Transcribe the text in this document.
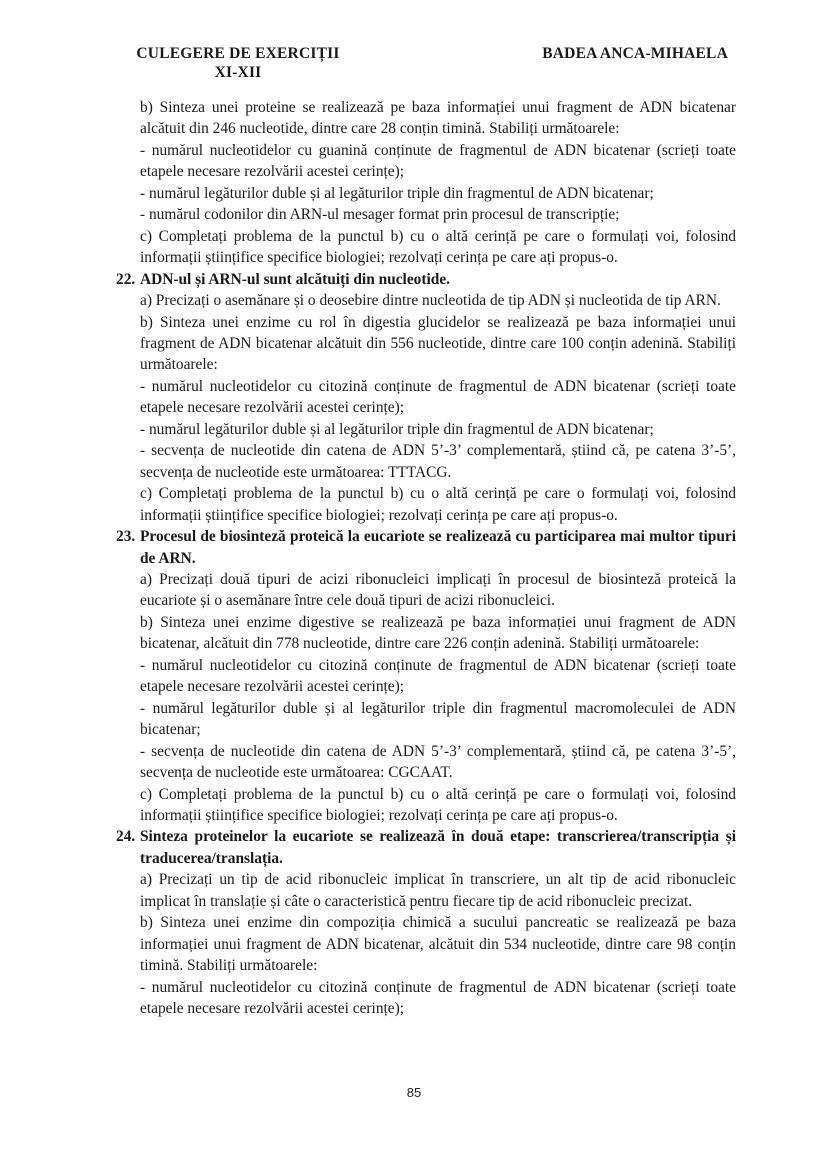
CULEGERE DE EXERCIȚII
XI-XII
BADEA ANCA-MIHAELA

b) Sinteza unei proteine se realizează pe baza informației unui fragment de ADN bicatenar alcătuit din 246 nucleotide, dintre care 28 conțin timină. Stabiliți următoarele:

- numărul nucleotidelor cu guanină conținute de fragmentul de ADN bicatenar (scrieți toate etapele necesare rezolvării acestei cerințe);

- numărul legăturilor duble și al legăturilor triple din fragmentul de ADN bicatenar;

- numărul codonilor din ARN-ul mesager format prin procesul de transcripție;

c) Completați problema de la punctul b) cu o altă cerință pe care o formulați voi, folosind informații științifice specifice biologiei; rezolvați cerința pe care ați propus-o.

22. ADN-ul și ARN-ul sunt alcătuiți din nucleotide.

a) Precizați o asemănare și o deosebire dintre nucleotida de tip ADN și nucleotida de tip ARN.

b) Sinteza unei enzime cu rol în digestia glucidelor se realizează pe baza informației unui fragment de ADN bicatenar alcătuit din 556 nucleotide, dintre care 100 conțin adenină. Stabiliți următoarele:

- numărul nucleotidelor cu citozină conținute de fragmentul de ADN bicatenar (scrieți toate etapele necesare rezolvării acestei cerințe);

- numărul legăturilor duble și al legăturilor triple din fragmentul de ADN bicatenar;

- secvența de nucleotide din catena de ADN 5’-3’ complementară, știind că, pe catena 3’-5’, secvența de nucleotide este următoarea: TTTACG.

c) Completați problema de la punctul b) cu o altă cerință pe care o formulați voi, folosind informații științifice specifice biologiei; rezolvați cerința pe care ați propus-o.

23. Procesul de biosinteză proteică la eucariote se realizează cu participarea mai multor tipuri de ARN.

a) Precizați două tipuri de acizi ribonucleici implicați în procesul de biosinteză proteică la eucariote și o asemănare între cele două tipuri de acizi ribonucleici.

b) Sinteza unei enzime digestive se realizează pe baza informației unui fragment de ADN bicatenar, alcătuit din 778 nucleotide, dintre care 226 conțin adenină. Stabiliți următoarele:

- numărul nucleotidelor cu citozină conținute de fragmentul de ADN bicatenar (scrieți toate etapele necesare rezolvării acestei cerințe);

- numărul legăturilor duble și al legăturilor triple din fragmentul macromoleculei de ADN bicatenar;

- secvența de nucleotide din catena de ADN 5’-3’ complementară, știind că, pe catena 3’-5’, secvența de nucleotide este următoarea: CGCAAT.

c) Completați problema de la punctul b) cu o altă cerință pe care o formulați voi, folosind informații științifice specifice biologiei; rezolvați cerința pe care ați propus-o.

24. Sinteza proteinelor la eucariote se realizează în două etape: transcrierea/transcripția și traducerea/translația.

a) Precizați un tip de acid ribonucleic implicat în transcriere, un alt tip de acid ribonucleic implicat în translație și câte o caracteristică pentru fiecare tip de acid ribonucleic precizat.

b) Sinteza unei enzime din compoziția chimică a sucului pancreatic se realizează pe baza informației unui fragment de ADN bicatenar, alcătuit din 534 nucleotide, dintre care 98 conțin timină. Stabiliți următoarele:

- numărul nucleotidelor cu citozină conținute de fragmentul de ADN bicatenar (scrieți toate etapele necesare rezolvării acestei cerințe);

85
